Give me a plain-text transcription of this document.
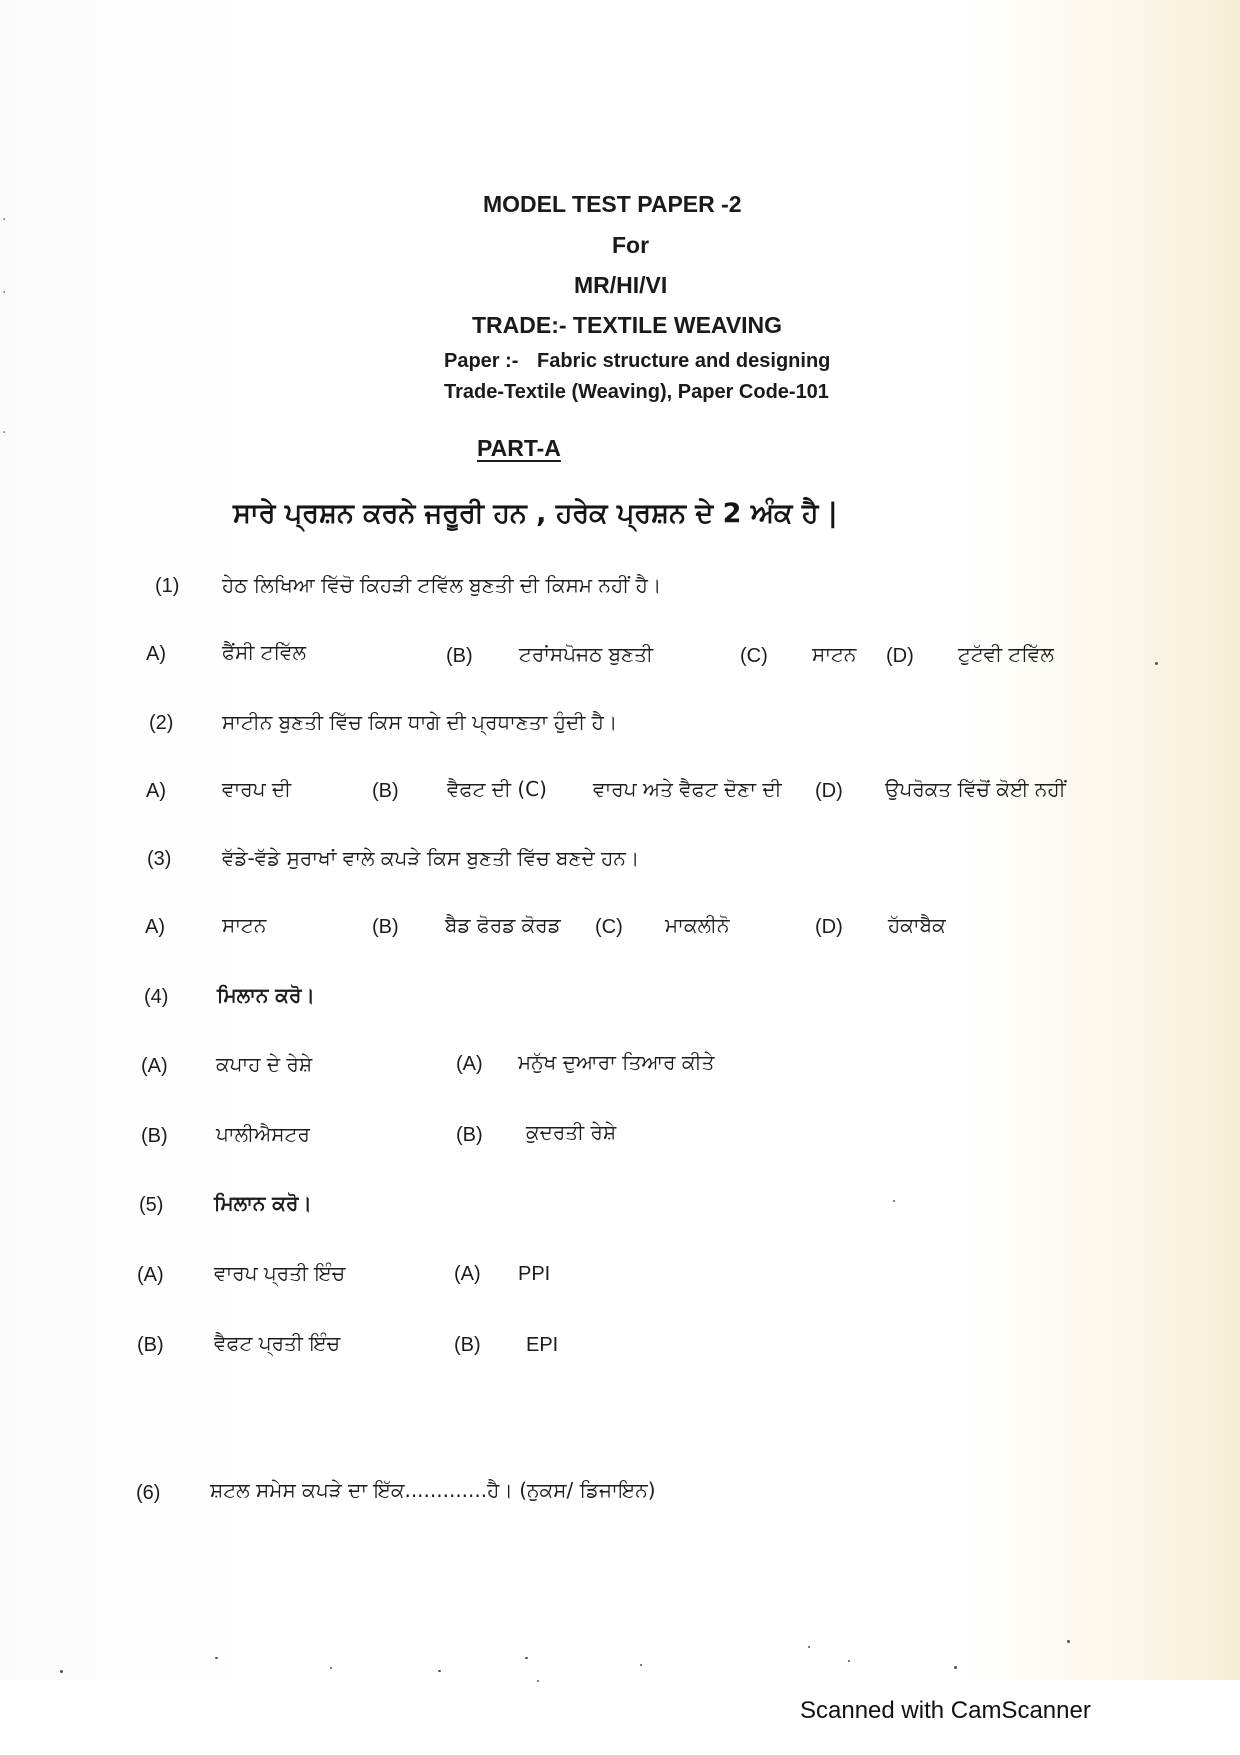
MODEL TEST PAPER -2
For
MR/HI/VI
TRADE:- TEXTILE WEAVING
Paper :- Fabric structure and designing
Trade-Textile (Weaving), Paper Code-101
PART-A
ਸਾਰੇ ਪ੍ਰਸ਼ਨ ਕਰਨੇ ਜਰੂਰੀ ਹਨ , ਹਰੇਕ ਪ੍ਰਸ਼ਨ ਦੇ 2 ਅੰਕ ਹੈ |
(1) ਹੇਠ ਲਿਖਿਆ ਵਿੱਚੋ ਕਿਹੜੀ ਟਵਿੱਲ ਬੁਣਤੀ ਦੀ ਕਿਸਮ ਨਹੀਂ ਹੈ।
A)	ਫੈਂਸੀ ਟਵਿੱਲ	(B) ਟਰਾਂਸਪੋਜਠ ਬੁਣਤੀ	(C) ਸਾਟਨ (D) ਟੁਟੱਵੀ ਟਵਿੱਲ
(2) ਸਾਟੀਨ ਬੁਣਤੀ ਵਿੱਚ ਕਿਸ ਧਾਗੇ ਦੀ ਪ੍ਰਧਾਣਤਾ ਹੁੰਦੀ ਹੈ।
A)	ਵਾਰਪ ਦੀ	(B) ਵੈਫਟ ਦੀ (C) ਵਾਰਪ ਅਤੇ ਵੈਫਟ ਦੋਣਾ ਦੀ (D) ਉਪਰੋਕਤ ਵਿੱਚੋਂ ਕੋਈ ਨਹੀਂ
(3)	ਵੱਡੇ-ਵੱਡੇ ਸੁਰਾਖਾਂ ਵਾਲੇ ਕਪੜੇ ਕਿਸ ਬੁਣਤੀ ਵਿੱਚ ਬਣਦੇ ਹਨ।
A)	ਸਾਟਨ	(B) ਬੈਡ ਫੋਰਡ ਕੋਰਡ (C) ਮਾਕਲੀਨੋ	(D) ਹੱਕਾਬੈਕ
(4) ਮਿਲਾਨ ਕਰੋ।
(A) ਕਪਾਹ ਦੇ ਰੇਸ਼ੇ	(A) ਮਨੁੱਖ ਦੁਆਰਾ ਤਿਆਰ ਕੀਤੇ
(B) ਪਾਲੀਐਸਟਰ	(B) ਕੁਦਰਤੀ ਰੇਸ਼ੇ
(5)	ਮਿਲਾਨ ਕਰੋ।
(A)	ਵਾਰਪ ਪ੍ਰਤੀ ਇੰਚ	(A) PPI
(B)	ਵੈਫਟ ਪ੍ਰਤੀ ਇੰਚ	(B) EPI
(6) ਸ਼ਟਲ ਸਮੇਸ ਕਪੜੇ ਦਾ ਇੱਕ.............ਹੈ। (ਨੁਕਸ/ ਡਿਜਾਇਨ)
·
·
·
Scanned with CamScanner
